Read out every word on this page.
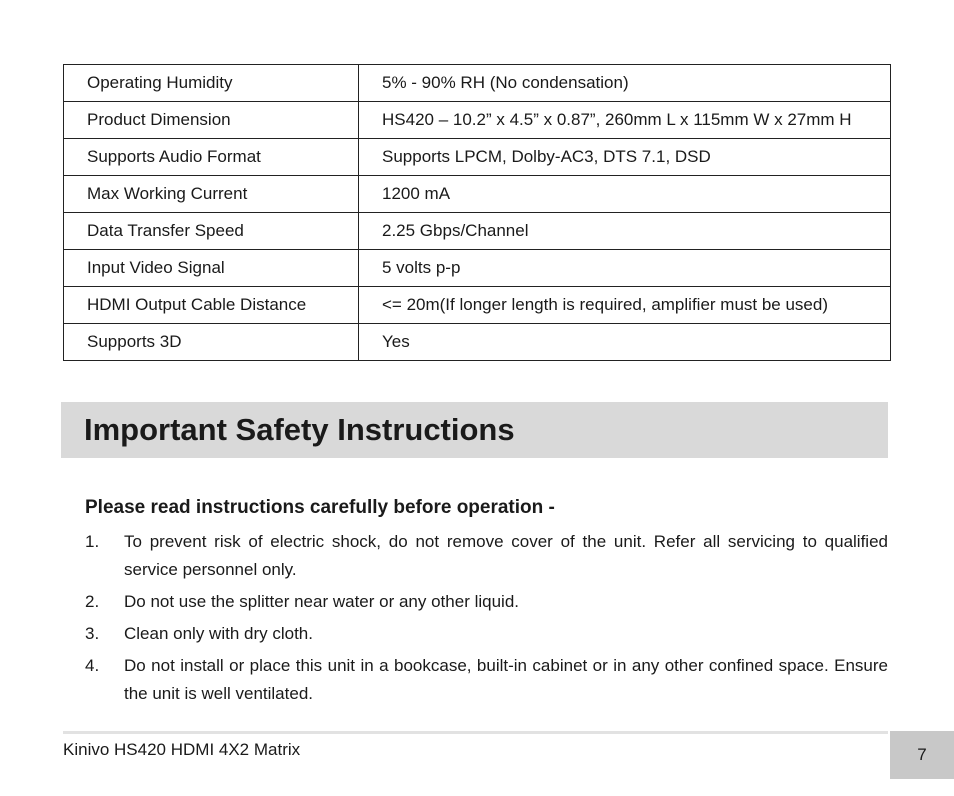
Operating Humidity	5% - 90% RH (No condensation)
Product Dimension	HS420 – 10.2” x 4.5” x 0.87”, 260mm L x 115mm W x 27mm H
Supports Audio Format	Supports LPCM, Dolby-AC3, DTS 7.1, DSD
Max Working Current	1200 mA
Data Transfer Speed	2.25 Gbps/Channel
Input Video Signal	5 volts p-p
HDMI Output Cable Distance	<= 20m(If longer length is required, amplifier must be used)
Supports 3D	Yes
Important Safety Instructions

Please read instructions carefully before operation -

1. To prevent risk of electric shock, do not remove cover of the unit. Refer all servicing to qualified service personnel only.
2. Do not use the splitter near water or any other liquid.
3. Clean only with dry cloth.
4. Do not install or place this unit in a bookcase, built-in cabinet or in any other confined space. Ensure the unit is well ventilated.
Kinivo HS420 HDMI 4X2 Matrix	7
